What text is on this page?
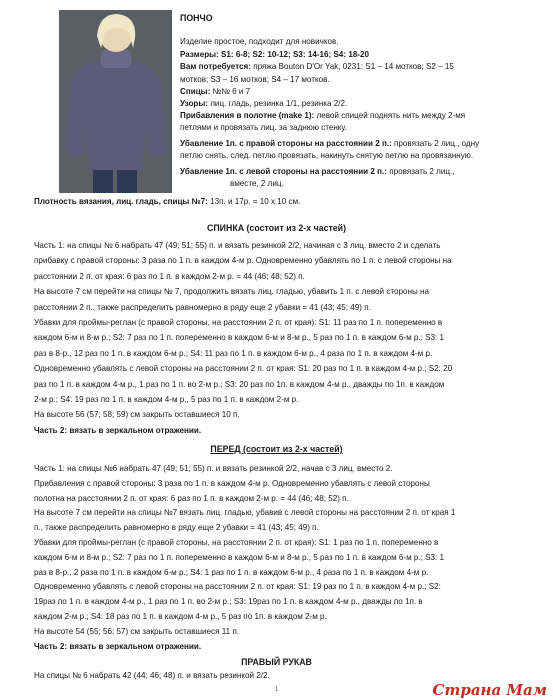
ПОНЧО
Изделие простое, подходит для новичков.
Размеры: S1: 6-8; S2: 10-12; S3: 14-16; S4: 18-20
Вам потребуется: пряжа Bouton D'Or Yak, 0231: S1 – 14 мотков; S2 – 15
мотков; S3 – 16 мотков; S4 – 17 мотков.
Спицы: №№ 6 и 7
Узоры: лиц. гладь, резинка 1/1, резинка 2/2.
Прибавления в полотне (make 1): левой спицей поднять нить между 2-мя
петлями и провязать лиц. за заднюю стенку.
Убавление 1п. с правой стороны на расстоянии 2 п.: провязать 2 лиц., одну
петлю снять, след. петлю провязать, накинуть снятую петлю на провязанную.
Убавление 1п. с левой стороны на расстоянии 2 п.: провязать 2 лиц.,
вместе, 2 лиц.
Плотность вязания, лиц. гладь, спицы №7: 13п. и 17р. = 10 х 10 см.
СПИНКА (состоит из 2-х частей)
Часть 1: на спицы № 6 набрать 47 (49; 51; 55) п. и вязать резинкой 2/2, начиная с 3 лиц. вместо 2 и сделать
прибавку с правой стороны: 3 раза по 1 п. в каждом 4-м р. Одновременно убавлять по 1 п. с левой стороны на
расстоянии 2 п. от края: 6 раз по 1 п. в каждом 2-м р. = 44 (46; 48; 52) п.
На высоте 7 см перейти на спицы № 7, продолжить вязать лиц. гладью, убавить 1 п. с левой стороны на
расстоянии 2 п., также распределить равномерно в ряду еще 2 убавки = 41 (43; 45; 49) п.
Убавки для проймы-реглан (с правой стороны, на расстоянии 2 п. от края): S1: 11 раз по 1 п. попеременно в
каждом 6-м и 8-м р.; S2: 7 раз по 1 п. попеременно в каждом 6-м и 8-м р., 5 раз по 1 п. в каждом 6-м р.; S3: 1
раз в 8-р., 12 раз по 1 п. в каждом 6-м р.; S4: 11 раз по 1 п. в каждом 6-м р., 4 раза по 1 п. в каждом 4-м р.
Одновременно убавлять с левой стороны на расстоянии 2 п. от края: S1: 20 раз по 1 п. в каждом 4-м р.; S2: 20
раз по 1 п. в каждом 4-м р., 1 раз по 1 п. во 2-м р.; S3: 20 раз по 1п. в каждом 4-м р., дважды по 1п. в каждом
2-м р.; S4: 19 раз по 1 п. в каждом 4-м р., 5 раз по 1 п. в каждом 2-м р.
На высоте 56 (57; 58; 59) см закрыть оставшиеся 10 п.
Часть 2: вязать в зеркальном отражении.
ПЕРЕД (состоит из 2-х частей)
Часть 1: на спицы №6 набрать 47 (49; 51; 55) п. и вязать резинкой 2/2, начав с 3 лиц. вместо 2.
Прибавления с правой стороны: 3 раза по 1 п. в каждом 4-м р. Одновременно убавлять с левой стороны
полотна на расстоянии 2 п. от края: 6 раз по 1 п. в каждом 2-м р. = 44 (46; 48; 52) п.
На высоте 7 см перейти на спицы №7 вязать лиц. гладью, убавив с левой стороны на расстоянии 2 п. от края 1
п., также распределить равномерно в ряду еще 2 убавки = 41 (43; 45; 49) п.
Убавки для проймы-реглан (с правой стороны, на расстоянии 2 п. от края): S1: 1 раз по 1 п. попеременно в
каждом 6-м и 8-м р.; S2: 7 раз по 1 п. попеременно в каждом 6-м и 8-м р., 5 раз по 1 п. в каждом 6-м р.; S3: 1
раз в 8-р., 2 раза по 1 п. в каждом 6-м р.; S4: 1 раз по 1 п. в каждом 6-м р., 4 раза по 1 п. в каждом 4-м р.
Одновременно убавлять с левой стороны на расстоянии 2 п. от края: S1: 19 раз по 1 п. в каждом 4-м р.; S2:
19раз по 1 п. в каждом 4-м р., 1 раз по 1 п. во 2-м р.; S3: 19раз по 1 п. в каждом 4-м р., дважды по 1п. в
каждом 2-м р.; S4: 18 раз по 1 п. в каждом 4-м р., 5 раз по 1п. в каждом 2-м р.
На высоте 54 (55; 56; 57) см закрыть оставшиеся 11 п.
Часть 2: вязать в зеркальном отражении.
ПРАВЫЙ РУКАВ
На спицы № 6 набрать 42 (44; 46; 48) п. и вязать резинкой 2/2.
1	Страна Мам
